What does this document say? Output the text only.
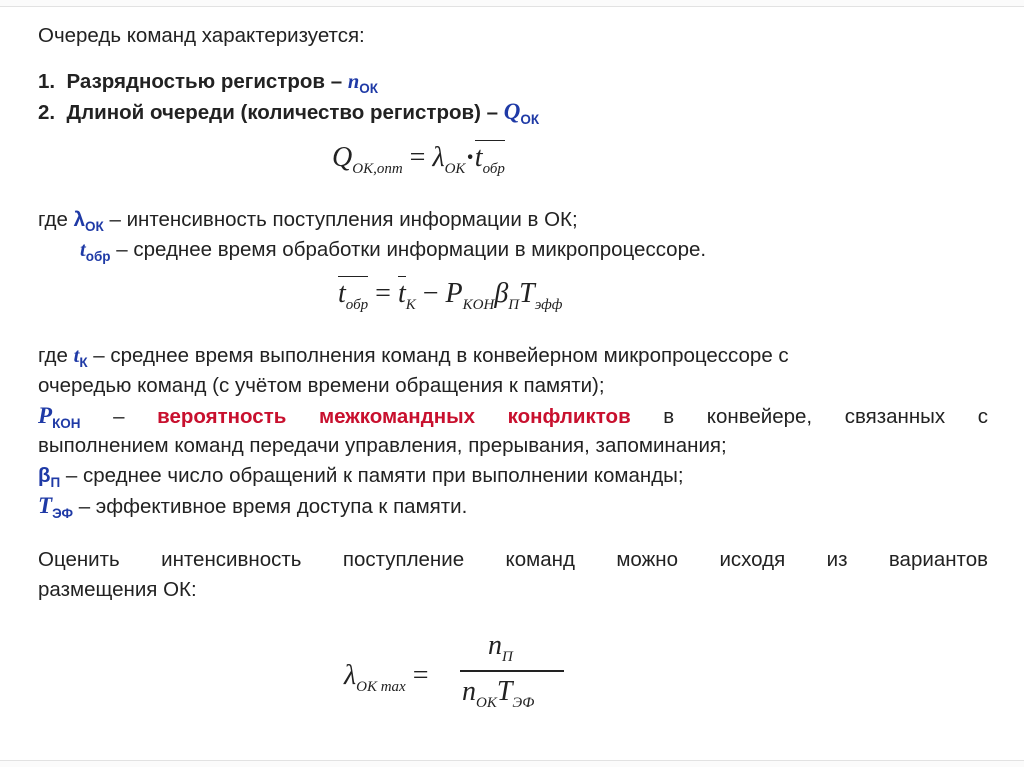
Очередь команд характеризуется:

1. Разрядностью регистров – $n_{ОК}$

2. Длиной очереди (количество регистров) – $Q_{ОК}$

$Q_{OK,onm} = \lambda_{OK}\cdot t_{обр}$

где $\lambda_{ОК}$ – интенсивность поступления информации в ОК;

$t_{обр}$ – среднее время обработки информации в микропроцессоре.

$t_{обр} = t_K - P_{KOH}\beta_ПT_{эфф}$

где $t_К$ – среднее время выполнения команд в конвейерном микропроцессоре с

очередью команд (с учётом времени обращения к памяти);

$P_{КОН}$ – вероятность межкомандных конфликтов в конвейере, связанных с

выполнением команд передачи управления, прерывания, запоминания;

$\beta_П$ – среднее число обращений к памяти при выполнении команды;

$T_{ЭФ}$ – эффективное время доступа к памяти.

Оценить интенсивность поступление команд можно исходя из вариантов

размещения ОК:

$\lambda_{OK max}$ =
$n_П$
$n_{OK}T_{ЭФ}$
